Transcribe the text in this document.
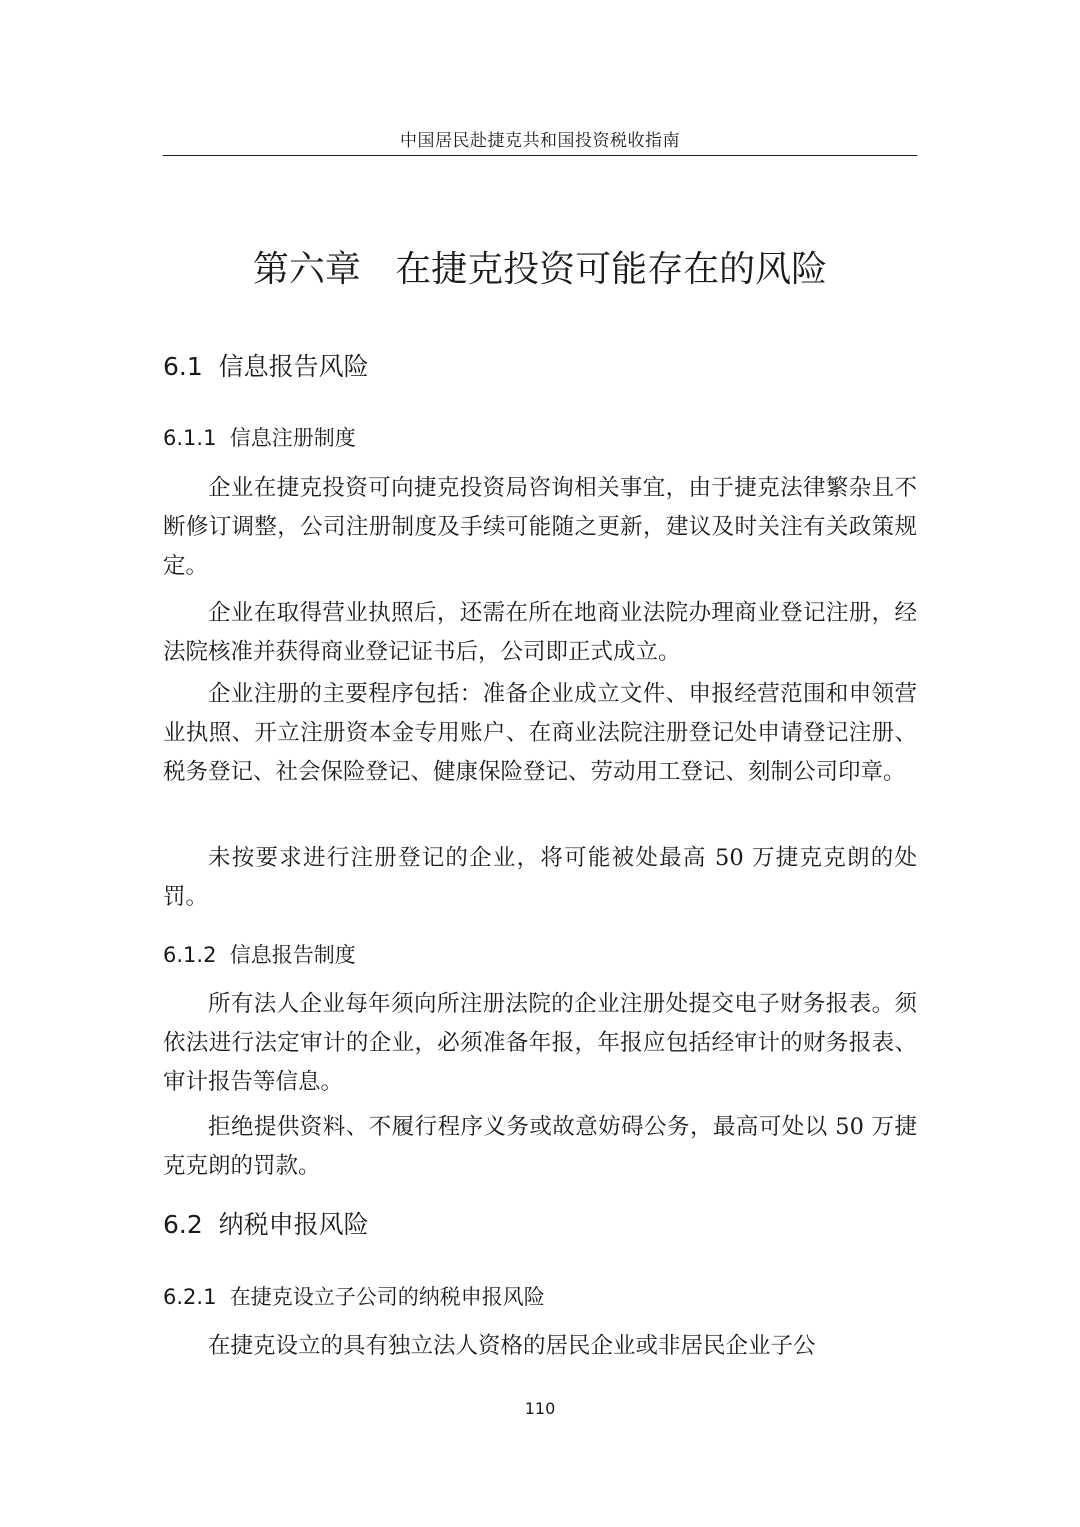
中国居民赴捷克共和国投资税收指南
第六章   在捷克投资可能存在的风险
6.1  信息报告风险
6.1.1  信息注册制度

企业在捷克投资可向捷克投资局咨询相关事宜，由于捷克法律繁杂且不断修订调整，公司注册制度及手续可能随之更新，建议及时关注有关政策规定。

企业在取得营业执照后，还需在所在地商业法院办理商业登记注册，经法院核准并获得商业登记证书后，公司即正式成立。

企业注册的主要程序包括：准备企业成立文件、申报经营范围和申领营业执照、开立注册资本金专用账户、在商业法院注册登记处申请登记注册、税务登记、社会保险登记、健康保险登记、劳动用工登记、刻制公司印章。

未按要求进行注册登记的企业，将可能被处最高 50 万捷克克朗的处罚。

6.1.2  信息报告制度

所有法人企业每年须向所注册法院的企业注册处提交电子财务报表。须依法进行法定审计的企业，必须准备年报，年报应包括经审计的财务报表、审计报告等信息。

拒绝提供资料、不履行程序义务或故意妨碍公务，最高可处以 50 万捷克克朗的罚款。

6.2  纳税申报风险
6.2.1  在捷克设立子公司的纳税申报风险

在捷克设立的具有独立法人资格的居民企业或非居民企业子公

110
